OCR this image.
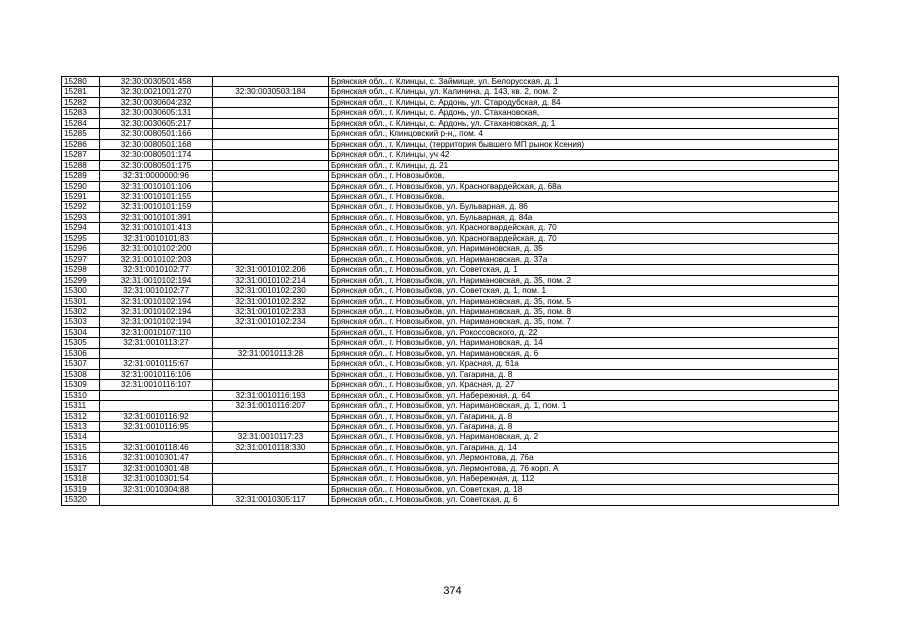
15280	32:30:0030501:458		Брянская обл., г. Клинцы, с. Займище, ул. Белорусская, д. 1
15281	32:30:0021001:270	32:30:0030503:184	Брянская обл., г. Клинцы, ул. Калинина, д. 143, кв. 2, пом. 2
15282	32:30:0030604:232		Брянская обл., г. Клинцы, с. Ардонь, ул. Стародубская, д. 84
15283	32:30:0030605:131		Брянская обл., г. Клинцы, с. Ардонь, ул. Стахановская,
15284	32:30:0030605:217		Брянская обл., г. Клинцы, с. Ардонь, ул. Стахановская, д. 1
15285	32:30:0080501:166		Брянская обл., Клинцовский р-н,, пом. 4
15286	32:30:0080501:168		Брянская обл., г. Клинцы, (территория бывшего МП рынок Ксения)
15287	32:30:0080501:174		Брянская обл., г. Клинцы, уч 42
15288	32:30:0080501:175		Брянская обл., г. Клинцы, д. 21
15289	32:31:0000000:96		Брянская обл., г. Новозыбков,
15290	32:31:0010101:106		Брянская обл., г. Новозыбков, ул. Красногвардейская, д. 68а
15291	32:31:0010101:155		Брянская обл., г. Новозыбков,
15292	32:31:0010101:159		Брянская обл., г. Новозыбков, ул. Бульварная, д. 86
15293	32:31:0010101:391		Брянская обл., г. Новозыбков, ул. Бульварная, д. 84а
15294	32:31:0010101:413		Брянская обл., г. Новозыбков, ул. Красногвардейская, д. 70
15295	32:31:0010101:83		Брянская обл., г. Новозыбков, ул. Красногвардейская, д. 70
15296	32:31:0010102:200		Брянская обл., г. Новозыбков, ул. Наримановская, д. 35
15297	32:31:0010102:203		Брянская обл., г. Новозыбков, ул. Наримановская, д. 37а
15298	32:31:0010102:77	32:31:0010102:206	Брянская обл., г. Новозыбков, ул. Советская, д. 1
15299	32:31:0010102:194	32:31:0010102:214	Брянская обл., г. Новозыбков, ул. Наримановская, д. 35, пом. 2
15300	32:31:0010102:77	32:31:0010102:230	Брянская обл., г. Новозыбков, ул. Советская, д. 1, пом. 1
15301	32:31:0010102:194	32:31:0010102:232	Брянская обл., г. Новозыбков, ул. Наримановская, д. 35, пом. 5
15302	32:31:0010102:194	32:31:0010102:233	Брянская обл., г. Новозыбков, ул. Наримановская, д. 35, пом. 8
15303	32:31:0010102:194	32:31:0010102:234	Брянская обл., г. Новозыбков, ул. Наримановская, д. 35, пом. 7
15304	32:31:0010107:110		Брянская обл., г. Новозыбков, ул. Рокоссовского, д. 22
15305	32:31:0010113:27		Брянская обл., г. Новозыбков, ул. Наримановская, д. 14
15306		32:31:0010113:28	Брянская обл., г. Новозыбков, ул. Наримановская, д. 6
15307	32:31:0010115:67		Брянская обл., г. Новозыбков, ул. Красная, д. 61а
15308	32:31:0010116:106		Брянская обл., г. Новозыбков, ул. Гагарина, д. 8
15309	32:31:0010116:107		Брянская обл., г. Новозыбков, ул. Красная, д. 27
15310		32:31:0010116:193	Брянская обл., г. Новозыбков, ул. Набережная, д. 64
15311		32:31:0010116:207	Брянская обл., г. Новозыбков, ул. Наримановская, д. 1, пом. 1
15312	32:31:0010116:92		Брянская обл., г. Новозыбков, ул. Гагарина, д. 8
15313	32:31:0010116:95		Брянская обл., г. Новозыбков, ул. Гагарина, д. 8
15314		32:31:0010117:23	Брянская обл., г. Новозыбков, ул. Наримановская, д. 2
15315	32:31:0010118:46	32:31:0010118:330	Брянская обл., г. Новозыбков, ул. Гагарина, д. 14
15316	32:31:0010301:47		Брянская обл., г. Новозыбков, ул. Лермонтова, д. 76а
15317	32:31:0010301:48		Брянская обл., г. Новозыбков, ул. Лермонтова, д. 76 корп. А
15318	32:31:0010301:54		Брянская обл., г. Новозыбков, ул. Набережная, д. 112
15319	32:31:0010304:88		Брянская обл., г. Новозыбков, ул. Советская, д. 18
15320		32:31:0010305:117	Брянская обл., г. Новозыбков, ул. Советская, д. 6
374
